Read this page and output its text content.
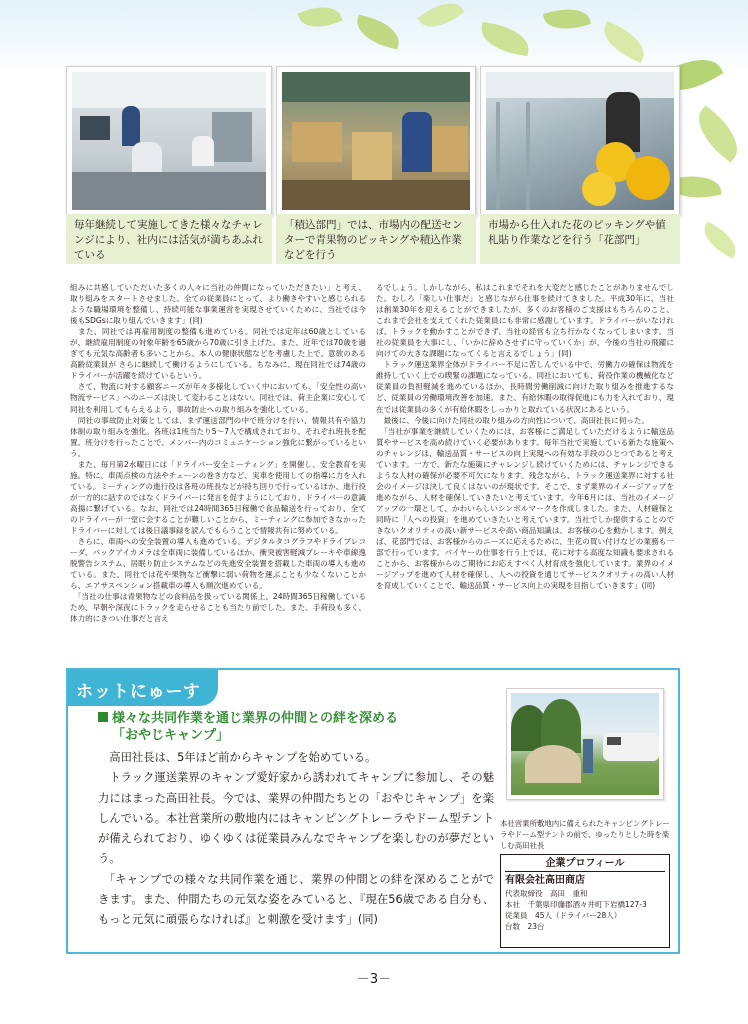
毎年継続して実施してきた様々なチャレンジにより、社内には活気が満ちあふれている
「積込部門」では、市場内の配送センターで青果物のピッキングや積込作業などを行う
市場から仕入れた花のピッキングや値札貼り作業などを行う「花部門」
組みに共感していただいた多くの人々に当社の仲間になっていただきたい」と考え、取り組みをスタートさせました。全ての従業員にとって、より働きやすいと感じられるような職場環境を整備し、持続可能な事業運営を実現させていくために、当社では今後もSDGsに取り組んでいきます」(同)
　また、同社では再雇用制度の整備も進めている。同社では定年は60歳としているが、継続雇用制度の対象年齢を65歳から70歳に引き上げた。また、近年では70歳を過ぎても元気な高齢者も多いことから、本人の健康状態などを考慮した上で、意欲のある高齢従業員が さらに継続して働けるようにしている。ちなみに、現在同社では74歳のドライバーが活躍を続けているという。
　さて、物流に対する顧客ニーズが年々多様化していく中においても、「安全性の高い物流サービス」へのニーズは決して変わることはない。同社では、荷主企業に安心して同社を利用してもらえるよう、事故防止への取り組みを強化している。
　同社の事故防止対策としては、まず運送部門の中で班分けを行い、情報共有や協力体制の取り組みを強化。各班は1班当たり5～7人で構成されており、それぞれ班長を配置。班分けを行ったことで、メンバー内のコミュニケーション強化に繋がっているという。
　また、毎月第2水曜日には「ドライバー安全ミーティング」を開催し、安全教育を実施。特に、車両点検の方法やチェーンの巻き方など、実車を使用しての指導に力を入れている。ミーティングの進行役は各班の班長などが持ち回りで行っているほか、進行役が一方的に話すのではなくドライバーに発言を促すようにしており、ドライバーの意識高揚に繋げている。なお、同社では24時間365日稼働で食品輸送を行っており、全てのドライバーが一堂に会することが難しいことから、ミーティングに参加できなかったドライバーに対しては後日議事録を読んでもらうことで情報共有に努めている。
　さらに、車両への安全装置の導入も進めている。デジタルタコグラフやドライブレコーダ、バックアイカメラは全車両に装備しているほか、衝突被害軽減ブレーキや車線逸脱警告システム、居眠り防止システムなどの先進安全装置を搭載した車両の導入も進めている。また、同社では花や果物など衝撃に弱い荷物を運ぶことも少なくないことから、エアサスペンション搭載車の導入も順次進めている。
　「当社の仕事は青果物などの食料品を扱っている関係上、24時間365日稼働しているため、早朝や深夜にトラックを走らせることも当たり前でした。また、手荷役も多く、体力的にきつい仕事だと言え
るでしょう。しかしながら、私はこれまでそれを大変だと感じたことがありませんでした。むしろ「楽しい仕事だ」と感じながら仕事を続けてきました。平成30年に、当社は創業30年を迎えることができましたが、多くのお客様のご支援はもちろんのこと、これまで会社を支えてくれた従業員にも非常に感謝しています。ドライバーがいなければ、トラックを動かすことができず、当社の経営も立ち行かなくなってしまいます。当社の従業員を大事にし、「いかに辞めさせずに守っていくか」が、今後の当社の飛躍に向けての大きな課題になってくると言えるでしょう」(同)
　トラック運送業界全体がドライバー不足に苦しんでいる中で、労働力の確保は物流を維持していく上での喫緊の課題になっている。同社においても、荷役作業の機械化など従業員の負担軽減を進めているほか、長時間労働削減に向けた取り組みを推進するなど、従業員の労働環境改善を加速。また、有給休暇の取得促進にも力を入れており、現在では従業員の多くが有給休暇をしっかりと取れている状況にあるという。
　最後に、今後に向けた同社の取り組みの方向性について、高田社長に伺った。
　「当社が事業を継続していくためには、お客様にご満足していただけるように輸送品質やサービスを高め続けていく必要があります。毎年当社で実施している新たな施策へのチャレンジは、輸送品質・サービスの向上実現への有効な手段のひとつであると考えています。一方で、新たな施策にチャレンジし続けていくためには、チャレンジできるような人材の確保が必要不可欠になります。残念ながら、トラック運送業界に対する社会のイメージは決して良くはないのが現状です。そこで、まず業界のイメージアップを進めながら、人材を確保していきたいと考えています。今年6月には、当社のイメージアップの一環として、かわいらしいシンボルマークを作成しました。また、人材確保と同時に「人への投資」を進めていきたいと考えています。当社でしか提供することのできないクオリティの高い新サービスや高い商品知識は、お客様の心を動かします。例えば、花部門では、お客様からのニーズに応えるために、生花の買い付けなどの業務も一部で行っています。バイヤーの仕事を行う上では、花に対する高度な知識も要求されることから、お客様からのご期待にお応えすべく人材育成を強化しています。業界のイメージアップを進めて人材を確保し、人への投資を通じてサービスクオリティの高い人材を育成していくことで、輸送品質・サービス向上の実現を目指していきます」(同)
ホットにゅーす
様々な共同作業を通じ業界の仲間との絆を深める
「おやじキャンプ」
　高田社長は、5年ほど前からキャンプを始めている。
　トラック運送業界のキャンプ愛好家から誘われてキャンプに参加し、その魅力にはまった高田社長。今では、業界の仲間たちとの「おやじキャンプ」を楽しんでいる。本社営業所の敷地内にはキャンピングトレーラやドーム型テントが備えられており、ゆくゆくは従業員みんなでキャンプを楽しむのが夢だという。
　「キャンプでの様々な共同作業を通じ、業界の仲間との絆を深めることができます。また、仲間たちの元気な姿をみていると、『現在56歳である自分も、もっと元気に頑張らなければ』と刺激を受けます」(同)
本社営業所敷地内に備えられたキャンピングトレーラやドーム型テントの前で、ゆったりとした時を楽しむ高田社長
企業プロフィール
有限会社高田商店
代表取締役　 高田　重和
本社　 千葉県印旛郡酒々井町下岩橋127-3
従業員　 45人（ドライバー28人）
台数　 23台
－3－
